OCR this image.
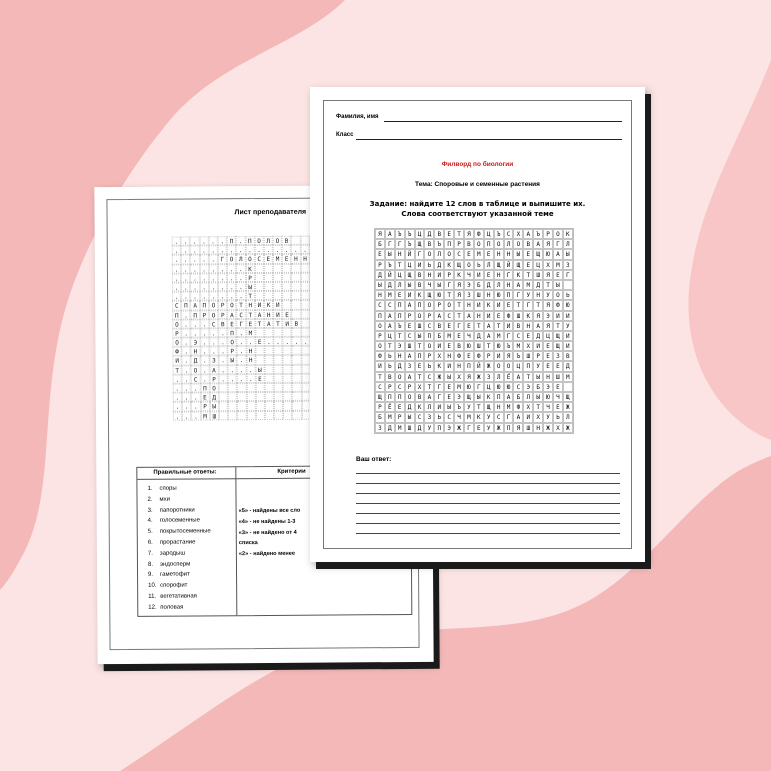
Лист преподавателя
. . . . . . П . П О Л О В
. . . . . . . . . . . . . . .
. . . . . Г О Л О С Е М Е Н Н
. . . . . . . . К
. . . . . . . . Р
. . . . . . . . Ы
. . . . . . . . Т
С П А П О Р О Т Н И К И
П . П Р О Р А С Т А Н И Е
О . . . С В Е Г Е Т А Т И В
Р . . . . . П . М
О . Э . . . О . . Е . . . . .
Ф . Н . . . Р . Н
И . Д . З . Ы . Н
Т . О . А . . . . Ы
. . С . Р . . . . Е
. . . П О
. . . Е Д
. . . Р Ы
. . . М Ш
Правильные ответы:	Критерии
1. споры
2. мхи
3. папоротники
4. голосеменные
5. покрытосеменные
6. прорастание
7. зародыш
8. эндосперм
9. гаметофит
10. спорофит
11. вегетативная
12. половая
«5» - найдены все сло
«4» - не найдены 1-3
«3» - не найдено от 4
списка
«2» - найдено менее
Фамилия, имя
Класс
Филворд по биологии
Тема: Споровые и семенные растения
Задание: найдите 12 слов в таблице и выпишите их.
Слова соответствуют указанной теме
Я	А	Ъ	Ъ	Ц	Д	В	Е	Т	Я	Ф	Ц	Ъ	С	Х	А	Ъ	Р	О	К
Б	Г	Г	Ъ	Щ	В	Ъ	П	Р	В	О	П	О	Л	О	В	А	Я	Г	Л
Е	Ы	Н	Й	Г	О	Л	О	С	Е	М	Е	Н	Н	Ы	Е	Щ	Ю	А	Ы
Р	Ъ	Т	Ц	И	Ь	Д	К	Щ	О	Ь	Л	Щ	Й	Щ	Е	Ц	Х	М	З
Д	Й	Ц	Щ	В	Н	И	Р	К	Ч	И	Е	Н	Г	К	Т	Ш	Я	Е	Г
Ы	Д	Л	Ы	В	Ч	Ы	Г	Я	Э	Б	Д	Л	Н	А	М	Д	Т	Ы
Н	М	Е	И	К	Щ	Ю	Т	Я	З	Ш	Н	Ю	П	Г	У	Н	У	О	Ь
С	С	П	А	П	О	Р	О	Т	Н	И	К	И	Е	Т	Г	Т	Я	Ф	Ю
П	А	П	Р	О	Р	А	С	Т	А	Н	И	Е	Ф	Ш	К	Я	Э	И	И
О	А	Ъ	Е	Ш	С	В	Е	Г	Е	Т	А	Т	И	В	Н	А	Я	Т	У
Р	Ц	Т	С	Ы	П	Б	М	Е	Ч	Д	А	М	Г	С	Е	Д	Ц	Щ	И
О	Т	Э	Ш	Т	О	И	Е	В	Ю	Ш	Т	Ю	Ъ	М	Х	И	Е	Щ	И
Ф	Ь	Н	А	П	Р	Х	Н	Ф	Е	Ф	Р	И	Я	Ъ	Ш	Р	Е	З	В
И	Ь	Д	З	Е	Ь	К	И	Н	П	Й	Ж	О	О	Ц	П	У	Е	Е	Д
Т	В	О	А	Т	С	Ж	Ы	Х	Я	Ж	З	Л	Ё	А	Т	Ы	Н	Ш	М
С	Р	С	Р	Х	Т	Г	Е	М	Ю	Г	Ц	Ю	Ю	С	Э	Б	Э	Е
Щ	П	П	О	В	А	Г	Е	Э	Щ	Ы	К	П	А	Б	Л	Ы	Ю	Ч	Щ
Р	Ё	Е	Д	К	Л	И	Ы	Ъ	У	Т	Щ	Н	М	Ф	Х	Т	Ч	Е	Ж
Б	М	Р	Ы	С	З	Ь	С	Ч	М	К	У	С	Г	А	И	Х	У	Ь	Л
З	Д	М	Ш	Д	У	П	Э	Ж	Г	Е	У	Ж	П	Я	Ш	Н	Ж	Х	Ж
Ваш ответ:
